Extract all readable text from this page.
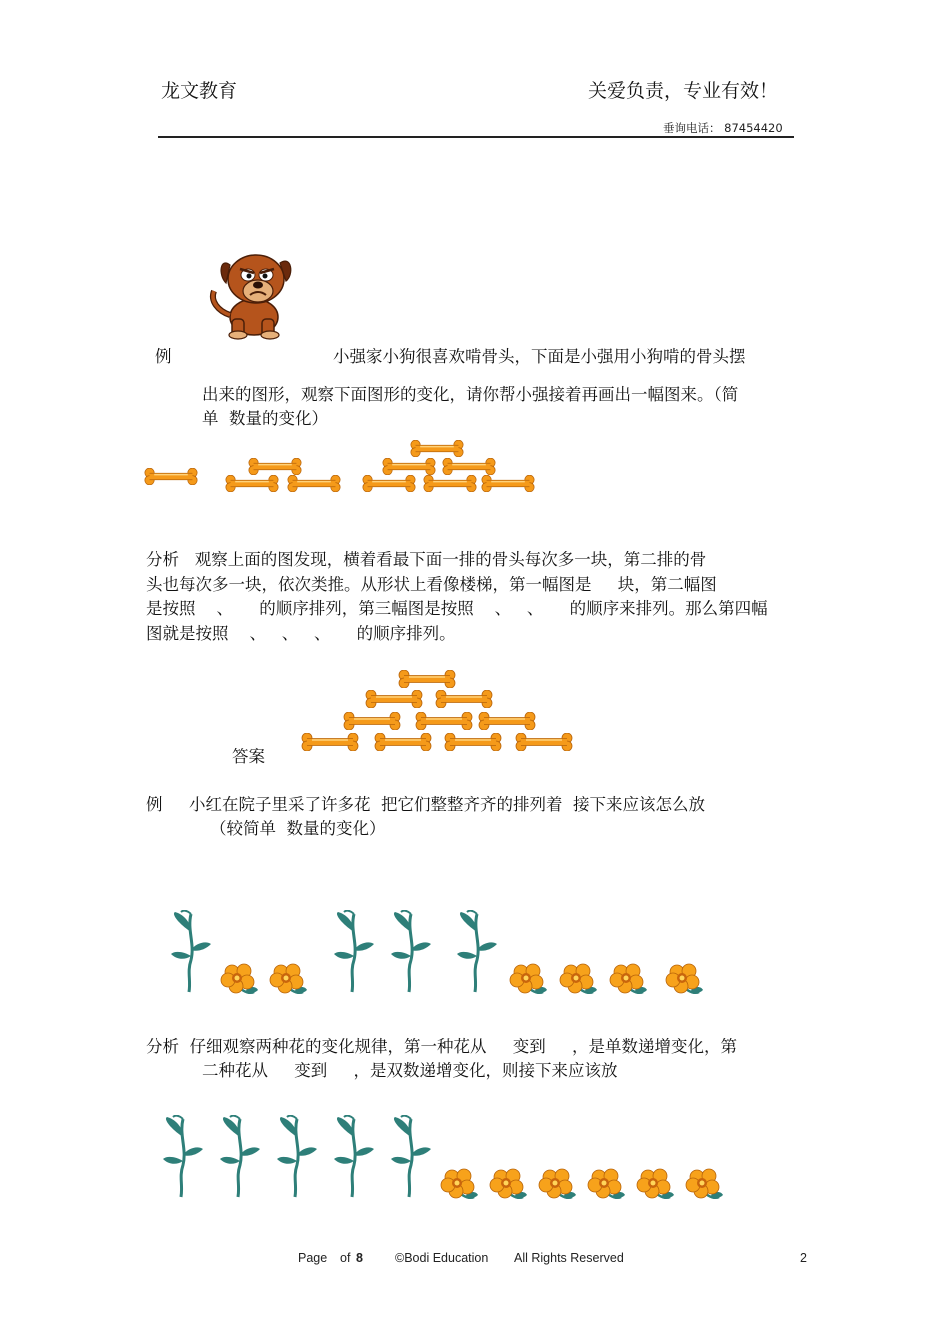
龙文教育	关爱负责，专业有效！
垂询电话： 87454420
例	小强家小狗很喜欢啃骨头，下面是小强用小狗啃的骨头摆
出来的图形，观察下面图形的变化，请你帮小强接着再画出一幅图来。（简
单  数量的变化）
分析   观察上面的图发现，横着看最下面一排的骨头每次多一块，第二排的骨
头也每次多一块，依次类推。从形状上看像楼梯，第一幅图是     块，第二幅图
是按照    、     的顺序排列，第三幅图是按照    、   、     的顺序来排列。那么第四幅
图就是按照    、   、   、     的顺序排列。
答案
例 小红在院子里采了许多花  把它们整整齐齐的排列着  接下来应该怎么放
（较简单  数量的变化）
分析  仔细观察两种花的变化规律，第一种花从     变到     ，是单数递增变化，第
二种花从     变到     ，是双数递增变化，则接下来应该放
Page of 8	©Bodi Education All Rights Reserved	2
